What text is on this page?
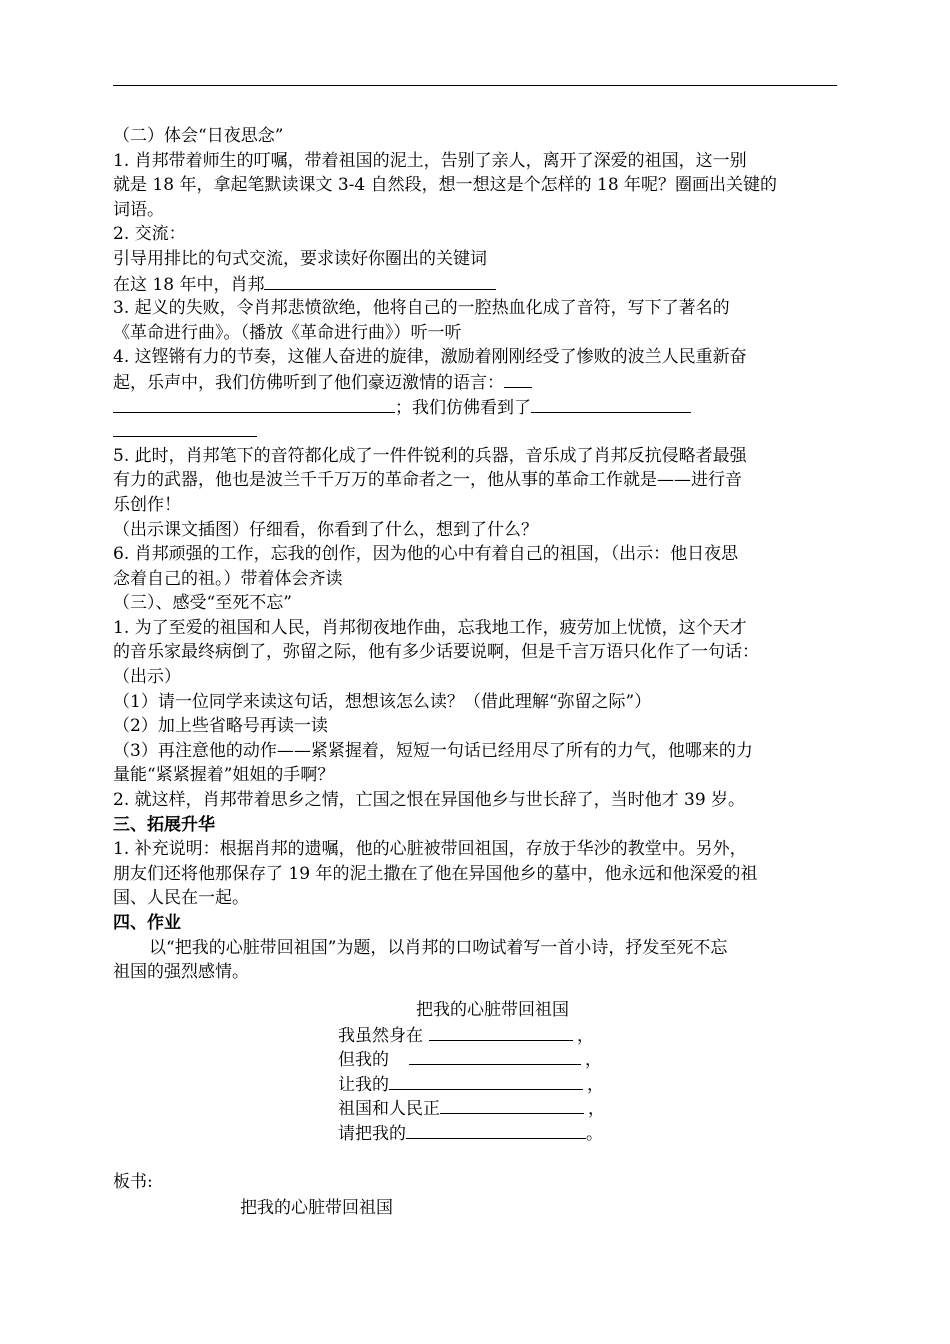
（二）体会“日夜思念”
1. 肖邦带着师生的叮嘱，带着祖国的泥土，告别了亲人，离开了深爱的祖国，这一别
就是 18 年，拿起笔默读课文 3-4 自然段，想一想这是个怎样的 18 年呢？圈画出关键的
词语。
2. 交流：
引导用排比的句式交流，要求读好你圈出的关键词
在这 18 年中，肖邦
3. 起义的失败，令肖邦悲愤欲绝，他将自己的一腔热血化成了音符，写下了著名的
《革命进行曲》。（播放《革命进行曲》）听一听
4. 这铿锵有力的节奏，这催人奋进的旋律，激励着刚刚经受了惨败的波兰人民重新奋
起，乐声中，我们仿佛听到了他们豪迈激情的语言：
；我们仿佛看到了
5. 此时，肖邦笔下的音符都化成了一件件锐利的兵器，音乐成了肖邦反抗侵略者最强
有力的武器，他也是波兰千千万万的革命者之一，他从事的革命工作就是——进行音
乐创作！
（出示课文插图）仔细看，你看到了什么，想到了什么？
6. 肖邦顽强的工作，忘我的创作，因为他的心中有着自己的祖国，（出示：他日夜思
念着自己的祖。）带着体会齐读
（三）、感受“至死不忘”
1. 为了至爱的祖国和人民，肖邦彻夜地作曲，忘我地工作，疲劳加上忧愤，这个天才
的音乐家最终病倒了，弥留之际，他有多少话要说啊，但是千言万语只化作了一句话：
（出示）
（1）请一位同学来读这句话，想想该怎么读？（借此理解“弥留之际”）
（2）加上些省略号再读一读
（3）再注意他的动作——紧紧握着，短短一句话已经用尽了所有的力气，他哪来的力
量能“紧紧握着”姐姐的手啊？
2. 就这样，肖邦带着思乡之情，亡国之恨在异国他乡与世长辞了，当时他才 39 岁。
三、拓展升华
1. 补充说明：根据肖邦的遗嘱，他的心脏被带回祖国，存放于华沙的教堂中。另外，
朋友们还将他那保存了 19 年的泥土撒在了他在异国他乡的墓中，他永远和他深爱的祖
国、人民在一起。
四、作业
以“把我的心脏带回祖国”为题，以肖邦的口吻试着写一首小诗，抒发至死不忘
祖国的强烈感情。
把我的心脏带回祖国
我虽然身在	，
但我的	，
让我的	，
祖国和人民正	，
请把我的	。
板书:
把我的心脏带回祖国
